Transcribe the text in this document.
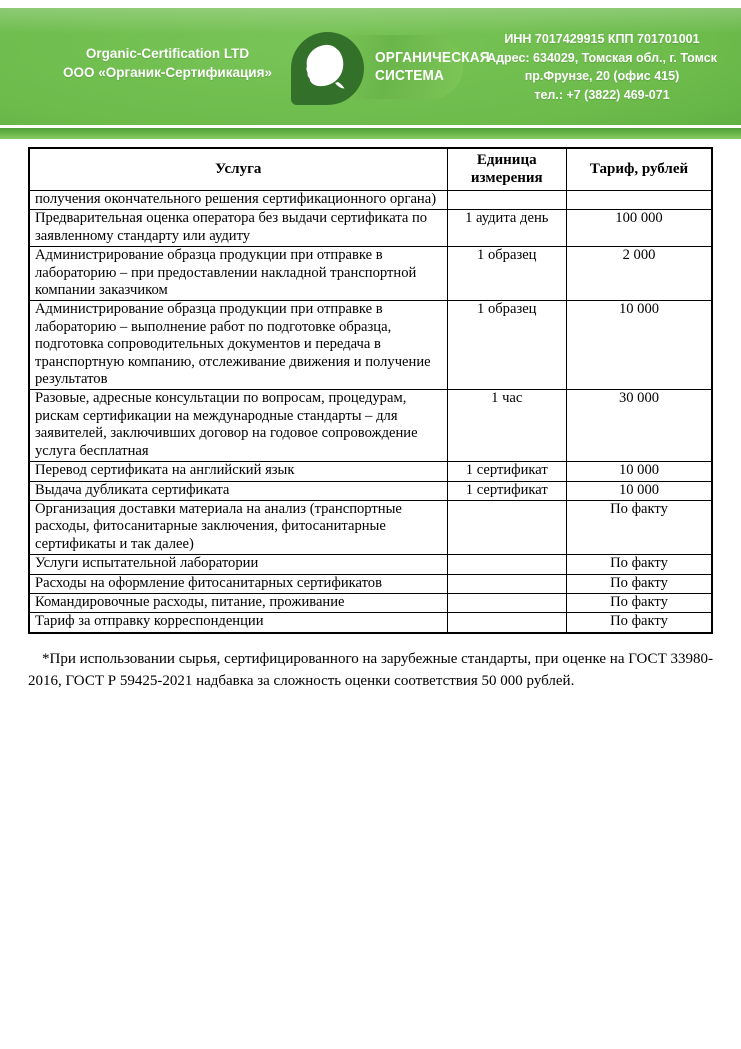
Organic-Certification LTD
ООО «Органик-Сертификация»
ОРГАНИЧЕСКАЯ
СИСТЕМА
ИНН 7017429915 КПП 701701001
Адрес: 634029, Томская обл., г. Томск
пр.Фрунзе, 20 (офис 415)
тел.: +7 (3822) 469-071
Услуга	Единица измерения	Тариф, рублей
получения окончательного решения сертификационного органа)		
Предварительная оценка оператора без выдачи сертификата по заявленному стандарту или аудиту	1 аудита день	100 000
Администрирование образца продукции при отправке в лабораторию – при предоставлении накладной транспортной компании заказчиком	1 образец	2 000
Администрирование образца продукции при отправке в лабораторию – выполнение работ по подготовке образца, подготовка сопроводительных документов и передача в транспортную компанию, отслеживание движения и получение результатов	1 образец	10 000
Разовые, адресные консультации по вопросам, процедурам, рискам сертификации на международные стандарты – для заявителей, заключивших договор на годовое сопровождение услуга бесплатная	1 час	30 000
Перевод сертификата на английский язык	1 сертификат	10 000
Выдача дубликата сертификата	1 сертификат	10 000
Организация доставки материала на анализ (транспортные расходы, фитосанитарные заключения, фитосанитарные сертификаты и так далее)		По факту
Услуги испытательной лаборатории		По факту
Расходы на оформление фитосанитарных сертификатов		По факту
Командировочные расходы, питание, проживание		По факту
Тариф за отправку корреспонденции		По факту

*При использовании сырья, сертифицированного на зарубежные стандарты, при оценке на ГОСТ 33980-2016, ГОСТ Р 59425-2021 надбавка за сложность оценки соответствия 50 000 рублей.
